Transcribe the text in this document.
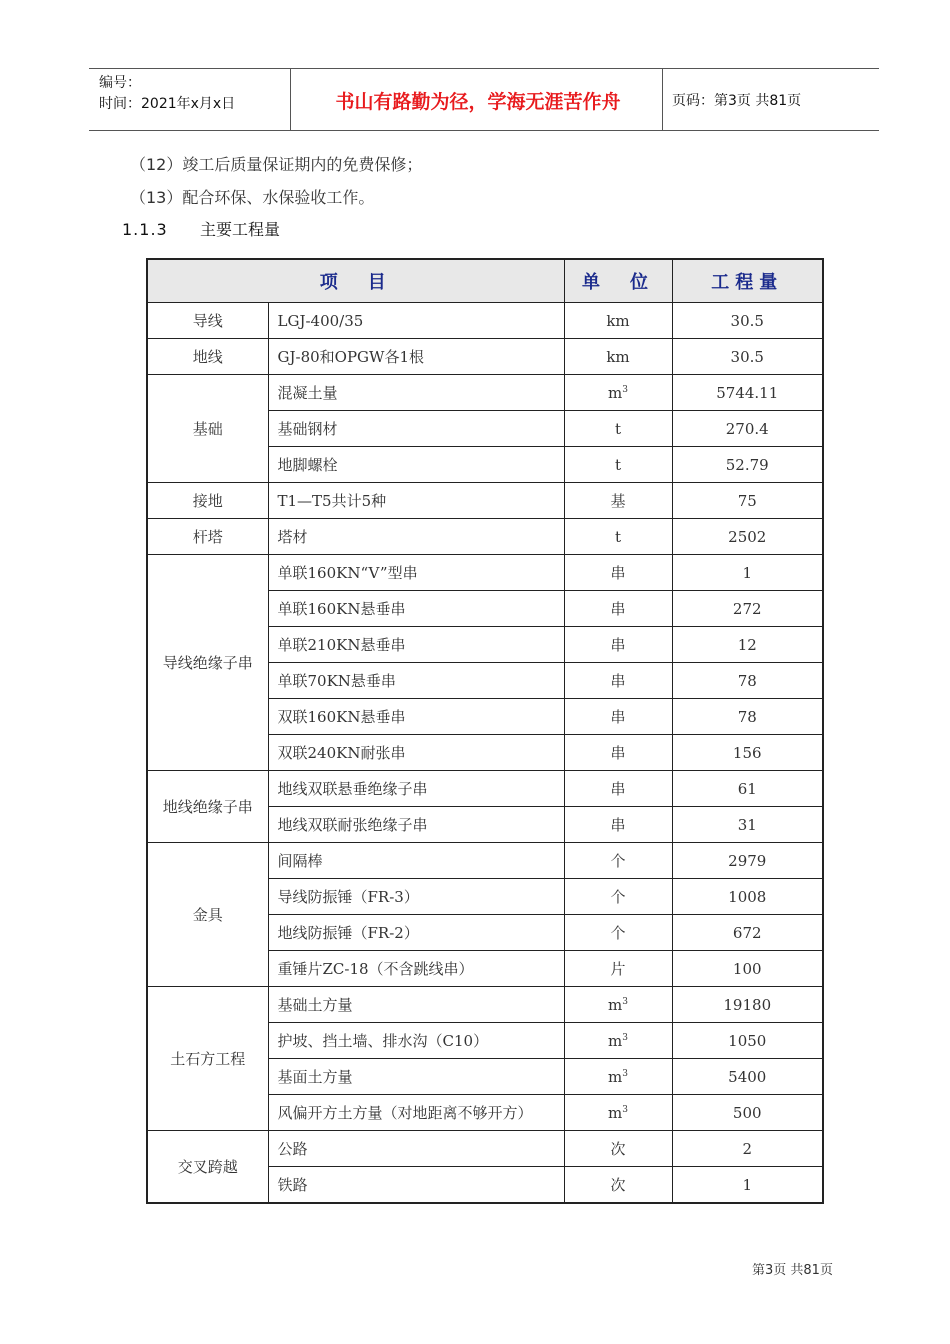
编号：
时间：2021年x月x日	书山有路勤为径，学海无涯苦作舟	页码：第3页 共81页
（12）竣工后质量保证期内的免费保修；
（13）配合环保、水保验收工作。
1.1.3 主要工程量
项　目		单　位	工程量
导线	LGJ-400/35	km	30.5
地线	GJ-80和OPGW各1根	km	30.5
基础	混凝土量	$m^3$	5744.11
	基础钢材	t	270.4
	地脚螺栓	t	52.79
接地	T1—T5共计5种	基	75
杆塔	塔材	t	2502
导线绝缘子串	单联160KN“V”型串	串	1
	单联160KN悬垂串	串	272
	单联210KN悬垂串	串	12
	单联70KN悬垂串	串	78
	双联160KN悬垂串	串	78
	双联240KN耐张串	串	156
地线绝缘子串	地线双联悬垂绝缘子串	串	61
	地线双联耐张绝缘子串	串	31
金具	间隔棒	个	2979
	导线防振锤（FR-3）	个	1008
	地线防振锤（FR-2）	个	672
	重锤片ZC-18（不含跳线串）	片	100
土石方工程	基础土方量	$m^3$	19180
	护坡、挡土墙、排水沟（C10）	$m^3$	1050
	基面土方量	$m^3$	5400
	风偏开方土方量（对地距离不够开方）	$m^3$	500
交叉跨越	公路	次	2
	铁路	次	1
第3页 共81页
